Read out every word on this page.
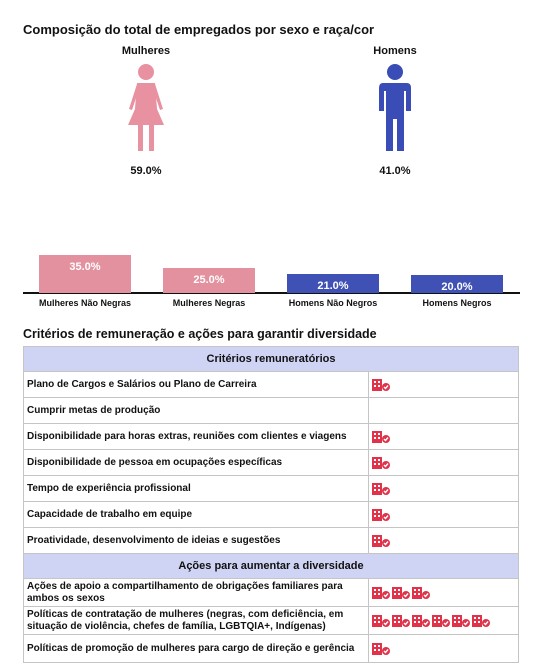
Composição do total de empregados por sexo e raça/cor
Mulheres
59.0%
Homens
41.0%
35.0%
Mulheres Não Negras
25.0%
Mulheres Negras
21.0%
Homens Não Negros
20.0%
Homens Negros
Critérios de remuneração e ações para garantir diversidade
Critérios remuneratórios	
Plano de Cargos e Salários ou Plano de Carreira	
Cumprir metas de produção	
Disponibilidade para horas extras, reuniões com clientes e viagens	
Disponibilidade de pessoa em ocupações específicas	
Tempo de experiência profissional	
Capacidade de trabalho em equipe	
Proatividade, desenvolvimento de ideias e sugestões	
Ações para aumentar a diversidade	
Ações de apoio a compartilhamento de obrigações familiares para ambos os sexos	
Políticas de contratação de mulheres (negras, com deficiência, em situação de violência, chefes de família, LGBTQIA+, Indígenas)	
Políticas de promoção de mulheres para cargo de direção e gerência	
